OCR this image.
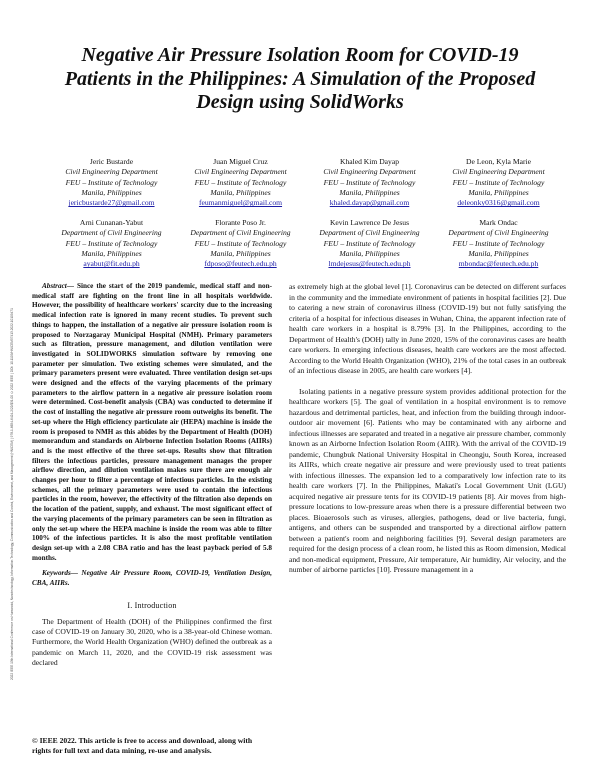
2022 IEEE 13th International Conference on Humanoid, Nanotechnology, Information Technology, Communication and Control, Environment, and Management (HNICEM) | 978-1-6654-6424-2/22/$31.00 ©2022 IEEE | DOI: 10.1109/HNICEM57413.2022.10109471
Negative Air Pressure Isolation Room for COVID-19 Patients in the Philippines: A Simulation of the Proposed Design using SolidWorks
Jeric Bustarde
Civil Engineering Department
FEU – Institute of Technology
Manila, Philippines
jericbustarde27@gmail.com
Juan Miguel Cruz
Civil Engineering Department
FEU – Institute of Technology
Manila, Philippines
feumanmiguel@gmail.com
Khaled Kim Dayap
Civil Engineering Department
FEU – Institute of Technology
Manila, Philippines
khaled.dayap@gmail.com
De Leon, Kyla Marie
Civil Engineering Department
FEU – Institute of Technology
Manila, Philippines
deleonky0316@gmail.com
Arni Cunanan-Yabut
Department of Civil Engineering
FEU – Institute of Technology
Manila, Philippines
ayabut@fit.edu.ph
Florante Poso Jr.
Department of Civil Engineering
FEU – Institute of Technology
Manila, Philippines
fdposo@feutech.edu.ph
Kevin Lawrence De Jesus
Department of Civil Engineering
FEU – Institute of Technology
Manila, Philippines
lmdejesus@feutech.edu.ph
Mark Ondac
Department of Civil Engineering
FEU – Institute of Technology
Manila, Philippines
mbondac@feutech.edu.ph

Abstract— Since the start of the 2019 pandemic, medical staff and non-medical staff are fighting on the front line in all hospitals worldwide. However, the possibility of healthcare workers' scarcity due to the increasing medical infection rate is ignored in many recent studies. To prevent such things to happen, the installation of a negative air pressure isolation room is proposed to Norzagaray Municipal Hospital (NMH). Primary parameters such as filtration, pressure management, and dilution ventilation were investigated in SOLIDWORKS simulation software by removing one parameter per simulation. Two existing schemes were simulated, and the primary parameters present were evaluated. Three ventilation design set-ups were designed and the effects of the varying placements of the primary parameters to the airflow pattern in a negative air pressure isolation room were determined. Cost-benefit analysis (CBA) was conducted to determine if the cost of installing the negative air pressure room outweighs its benefit. The set-up where the High efficiency particulate air (HEPA) machine is inside the room is proposed to NMH as this abides by the Department of Health (DOH) memorandum and standards on Airborne Infection Isolation Rooms (AIIRs) and is the most effective of the three set-ups. Results show that filtration filters the infectious particles, pressure management manages the proper airflow direction, and dilution ventilation makes sure there are enough air changes per hour to filter a percentage of infectious particles. In the existing schemes, all the primary parameters were used to contain the infectious particles in the room, however, the effectivity of the filtration also depends on the location of the patient, supply, and exhaust. The most significant effect of the varying placements of the primary parameters can be seen in filtration as only the set-up where the HEPA machine is inside the room was able to filter 100% of the infectious particles. It is also the most profitable ventilation design set-up with a 2.08 CBA ratio and has the least payback period of 5.8 months.

Keywords— Negative Air Pressure Room, COVID-19, Ventilation Design, CBA, AIIRs.

I. Introduction

The Department of Health (DOH) of the Philippines confirmed the first case of COVID-19 on January 30, 2020, who is a 38-year-old Chinese woman. Furthermore, the World Health Organization (WHO) defined the outbreak as a pandemic on March 11, 2020, and the COVID-19 risk assessment was declared

© IEEE 2022. This article is free to access and download, along with rights for full text and data mining, re-use and analysis.

as extremely high at the global level [1]. Coronavirus can be detected on different surfaces in the community and the immediate environment of patients in hospital facilities [2]. Due to catering a new strain of coronavirus illness (COVID-19) but not fully satisfying the criteria of a hospital for infectious diseases in Wuhan, China, the apparent infection rate of health care workers in a hospital is 8.79% [3]. In the Philippines, according to the Department of Health's (DOH) tally in June 2020, 15% of the coronavirus cases are health care workers. In emerging infectious diseases, health care workers are the most affected. According to the World Health Organization (WHO), 21% of the total cases in an outbreak of an infectious disease in 2005, are health care workers [4].

Isolating patients in a negative pressure system provides additional protection for the healthcare workers [5]. The goal of ventilation in a hospital environment is to remove hazardous and detrimental particles, heat, and infection from the building through indoor-outdoor air movement [6]. Patients who may be contaminated with any airborne and infectious illnesses are separated and treated in a negative air pressure chamber, commonly known as an Airborne Infection Isolation Room (AIIR). With the arrival of the COVID-19 pandemic, Chungbuk National University Hospital in Cheongju, South Korea, increased its AIIRs, which create negative air pressure and were previously used to treat patients with infectious illnesses. The expansion led to a comparatively low infection rate to its health care workers [7]. In the Philippines, Makati's Local Government Unit (LGU) acquired negative air pressure tents for its COVID-19 patients [8]. Air moves from high-pressure locations to low-pressure areas when there is a pressure differential between two places. Bioaerosols such as viruses, allergies, pathogens, dead or live bacteria, fungi, antigens, and others can be suspended and transported by a directional airflow pattern between a patient's room and neighboring facilities [9]. Several design parameters are required for the design process of a clean room, he listed this as Room dimension, Medical and non-medical equipment, Pressure, Air temperature, Air humidity, Air velocity, and the number of airborne particles [10]. Pressure management in a
